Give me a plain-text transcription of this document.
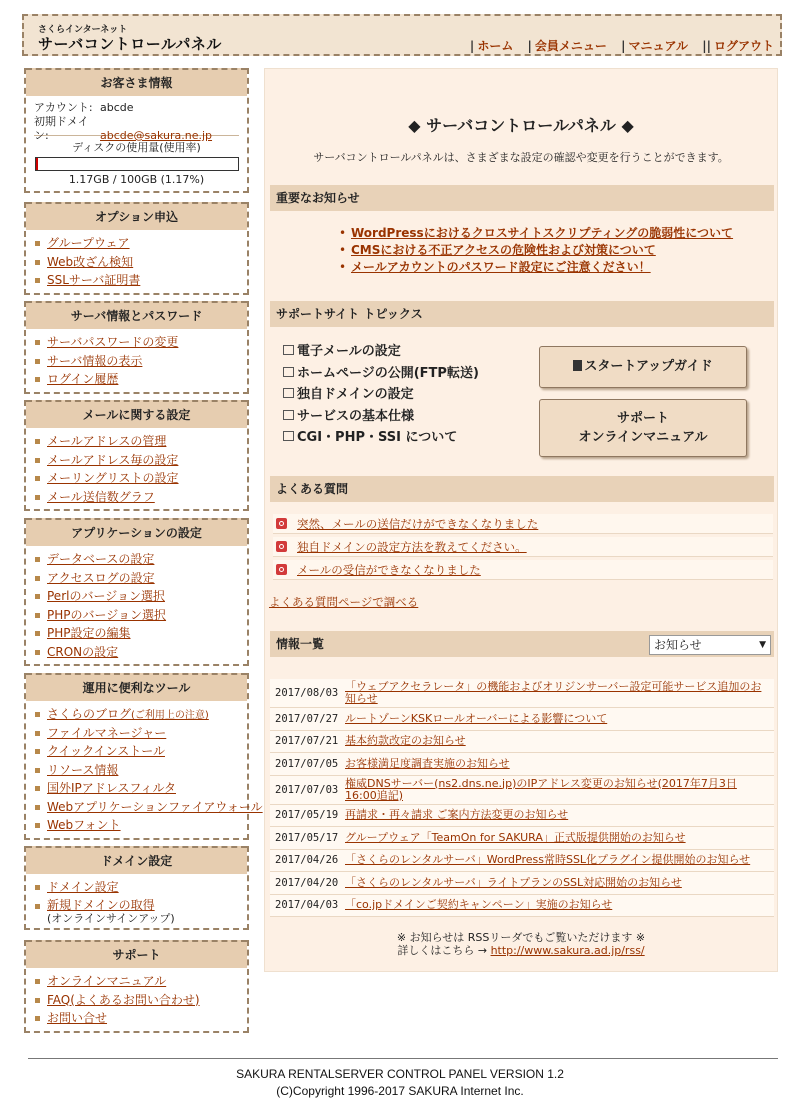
さくらインターネット
サーバコントロールパネル	| ホーム | 会員メニュー | マニュアル || ログアウト
お客さま情報
アカウント: abcde
初期ドメイン:	abcde@sakura.ne.jp
ディスクの使用量(使用率)
1.17GB / 100GB (1.17%)
オプション申込
グループウェア
Web改ざん検知
SSLサーバ証明書
サーバ情報とパスワード
サーバパスワードの変更
サーバ情報の表示
ログイン履歴
メールに関する設定
メールアドレスの管理
メールアドレス毎の設定
メーリングリストの設定
メール送信数グラフ
アプリケーションの設定
データベースの設定
アクセスログの設定
Perlのバージョン選択
PHPのバージョン選択
PHP設定の編集
CRONの設定
運用に便利なツール
さくらのブログ(ご利用上の注意)
ファイルマネージャー
クイックインストール
リソース情報
国外IPアドレスフィルタ
Webアプリケーションファイアウォール
Webフォント
ドメイン設定
ドメイン設定
新規ドメインの取得
(オンラインサインアップ)
サポート
オンラインマニュアル
FAQ(よくあるお問い合わせ)
お問い合せ
◆ サーバコントロールパネル ◆
サーバコントロールパネルは、さまざまな設定の確認や変更を行うことができます。
重要なお知らせ
• WordPressにおけるクロスサイトスクリプティングの脆弱性について
• CMSにおける不正アクセスの危険性および対策について
• メールアカウントのパスワード設定にご注意ください！
サポートサイト トピックス
電子メールの設定
ホームページの公開(FTP転送)
独自ドメインの設定
サービスの基本仕様
CGI・PHP・SSI について
スタートアップガイド
サポート
オンラインマニュアル
よくある質問
突然、メールの送信だけができなくなりました
独自ドメインの設定方法を教えてください。
メールの受信ができなくなりました
よくある質問ページで調べる
情報一覧	お知らせ	▼
2017/08/03 「ウェブアクセラレータ」の機能およびオリジンサーバー設定可能サービス追加のお知らせ
2017/07/27 ルートゾーンKSKロールオーバーによる影響について
2017/07/21 基本約款改定のお知らせ
2017/07/05 お客様満足度調査実施のお知らせ
2017/07/03 権威DNSサーバー(ns2.dns.ne.jp)のIPアドレス変更のお知らせ(2017年7月3日 16:00追記)
2017/05/19 再請求・再々請求 ご案内方法変更のお知らせ
2017/05/17 グループウェア「TeamOn for SAKURA」正式版提供開始のお知らせ
2017/04/26 「さくらのレンタルサーバ」WordPress常時SSL化プラグイン提供開始のお知らせ
2017/04/20 「さくらのレンタルサーバ」ライトプランのSSL対応開始のお知らせ
2017/04/03 「co.jpドメインご契約キャンペーン」実施のお知らせ
※ お知らせは RSSリーダでもご覧いただけます ※
詳しくはこちら → http://www.sakura.ad.jp/rss/
SAKURA RENTALSERVER CONTROL PANEL VERSION 1.2
(C)Copyright 1996-2017 SAKURA Internet Inc.
